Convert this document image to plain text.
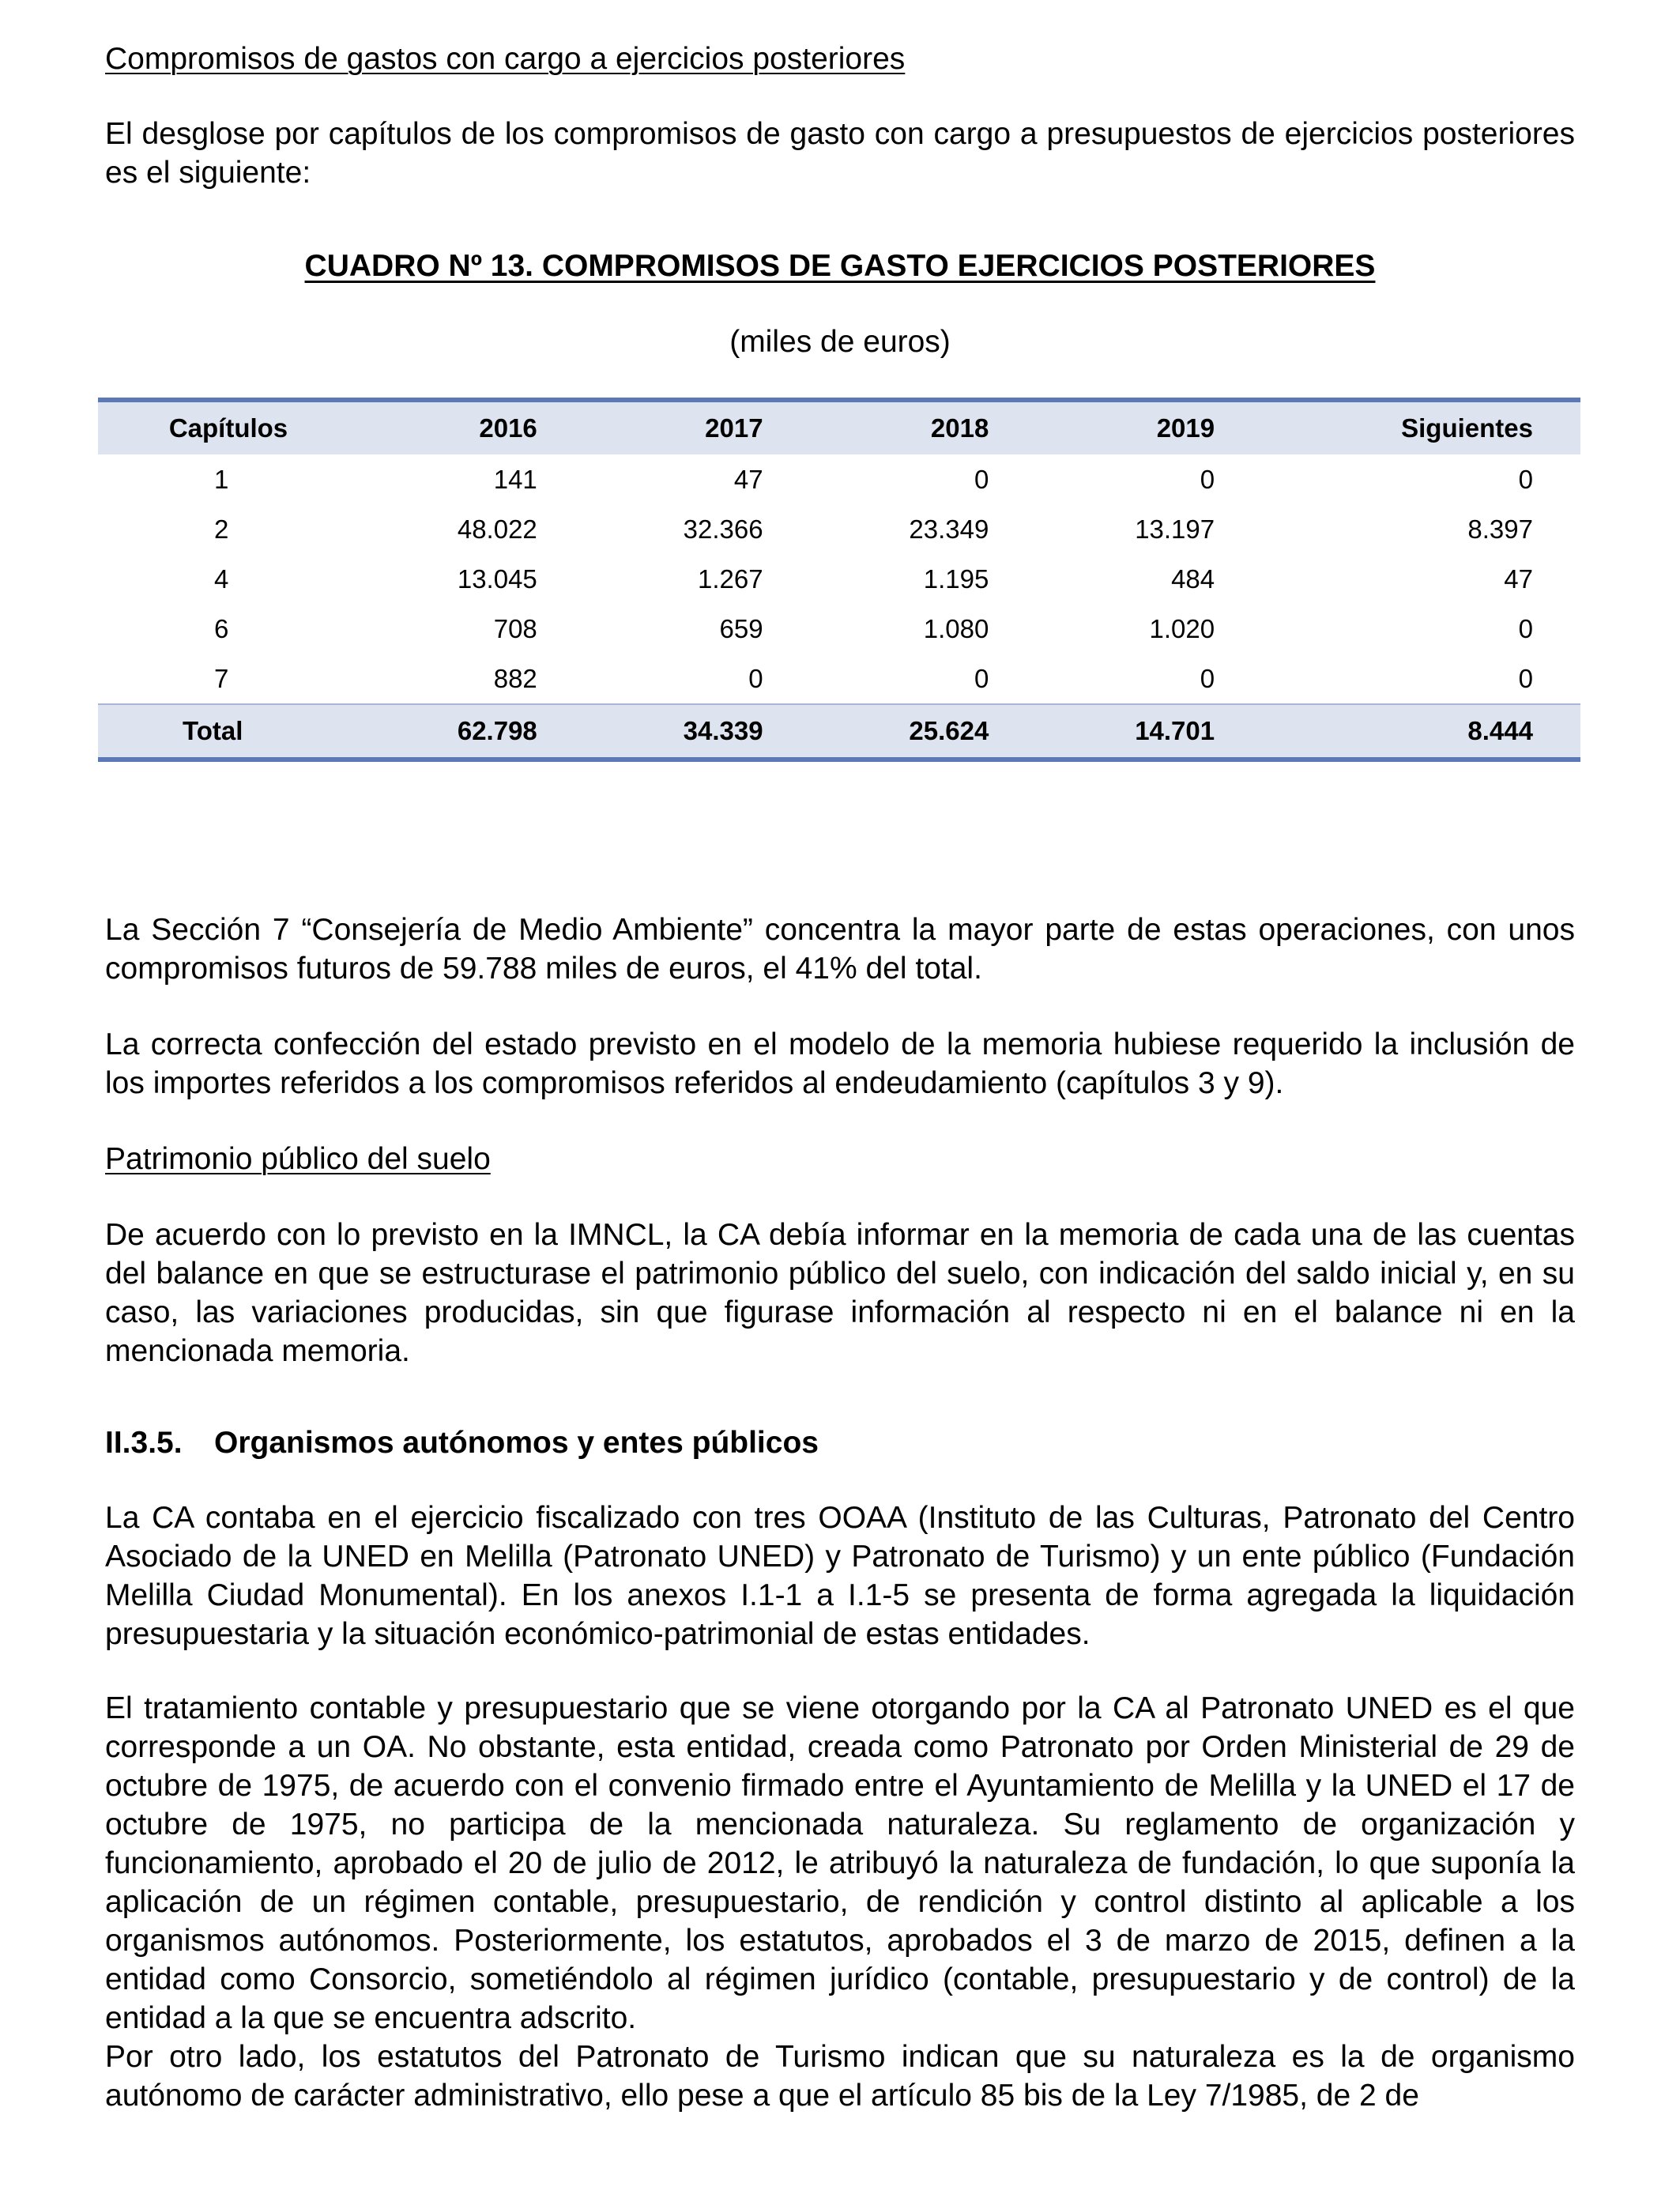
Compromisos de gastos con cargo a ejercicios posteriores

El desglose por capítulos de los compromisos de gasto con cargo a presupuestos de ejercicios posteriores es el siguiente:

CUADRO Nº 13. COMPROMISOS DE GASTO EJERCICIOS POSTERIORES
(miles de euros)
Capítulos	2016	2017	2018	2019	Siguientes
1	141	47	0	0	0
2	48.022	32.366	23.349	13.197	8.397
4	13.045	1.267	1.195	484	47
6	708	659	1.080	1.020	0
7	882	0	0	0	0
Total	62.798	34.339	25.624	14.701	8.444

La Sección 7 “Consejería de Medio Ambiente” concentra la mayor parte de estas operaciones, con unos compromisos futuros de 59.788 miles de euros, el 41% del total.

La correcta confección del estado previsto en el modelo de la memoria hubiese requerido la inclusión de los importes referidos a los compromisos referidos al endeudamiento (capítulos 3 y 9).

Patrimonio público del suelo

De acuerdo con lo previsto en la IMNCL, la CA debía informar en la memoria de cada una de las cuentas del balance en que se estructurase el patrimonio público del suelo, con indicación del saldo inicial y, en su caso, las variaciones producidas, sin que figurase información al respecto ni en el balance ni en la mencionada memoria.

II.3.5. Organismos autónomos y entes públicos

La CA contaba en el ejercicio fiscalizado con tres OOAA (Instituto de las Culturas, Patronato del Centro Asociado de la UNED en Melilla (Patronato UNED) y Patronato de Turismo) y un ente público (Fundación Melilla Ciudad Monumental). En los anexos I.1-1 a I.1-5 se presenta de forma agregada la liquidación presupuestaria y la situación económico-patrimonial de estas entidades.

El tratamiento contable y presupuestario que se viene otorgando por la CA al Patronato UNED es el que corresponde a un OA. No obstante, esta entidad, creada como Patronato por Orden Ministerial de 29 de octubre de 1975, de acuerdo con el convenio firmado entre el Ayuntamiento de Melilla y la UNED el 17 de octubre de 1975, no participa de la mencionada naturaleza. Su reglamento de organización y funcionamiento, aprobado el 20 de julio de 2012, le atribuyó la naturaleza de fundación, lo que suponía la aplicación de un régimen contable, presupuestario, de rendición y control distinto al aplicable a los organismos autónomos. Posteriormente, los estatutos, aprobados el 3 de marzo de 2015, definen a la entidad como Consorcio, sometiéndolo al régimen jurídico (contable, presupuestario y de control) de la entidad a la que se encuentra adscrito.

Por otro lado, los estatutos del Patronato de Turismo indican que su naturaleza es la de organismo autónomo de carácter administrativo, ello pese a que el artículo 85 bis de la Ley 7/1985, de 2 de
